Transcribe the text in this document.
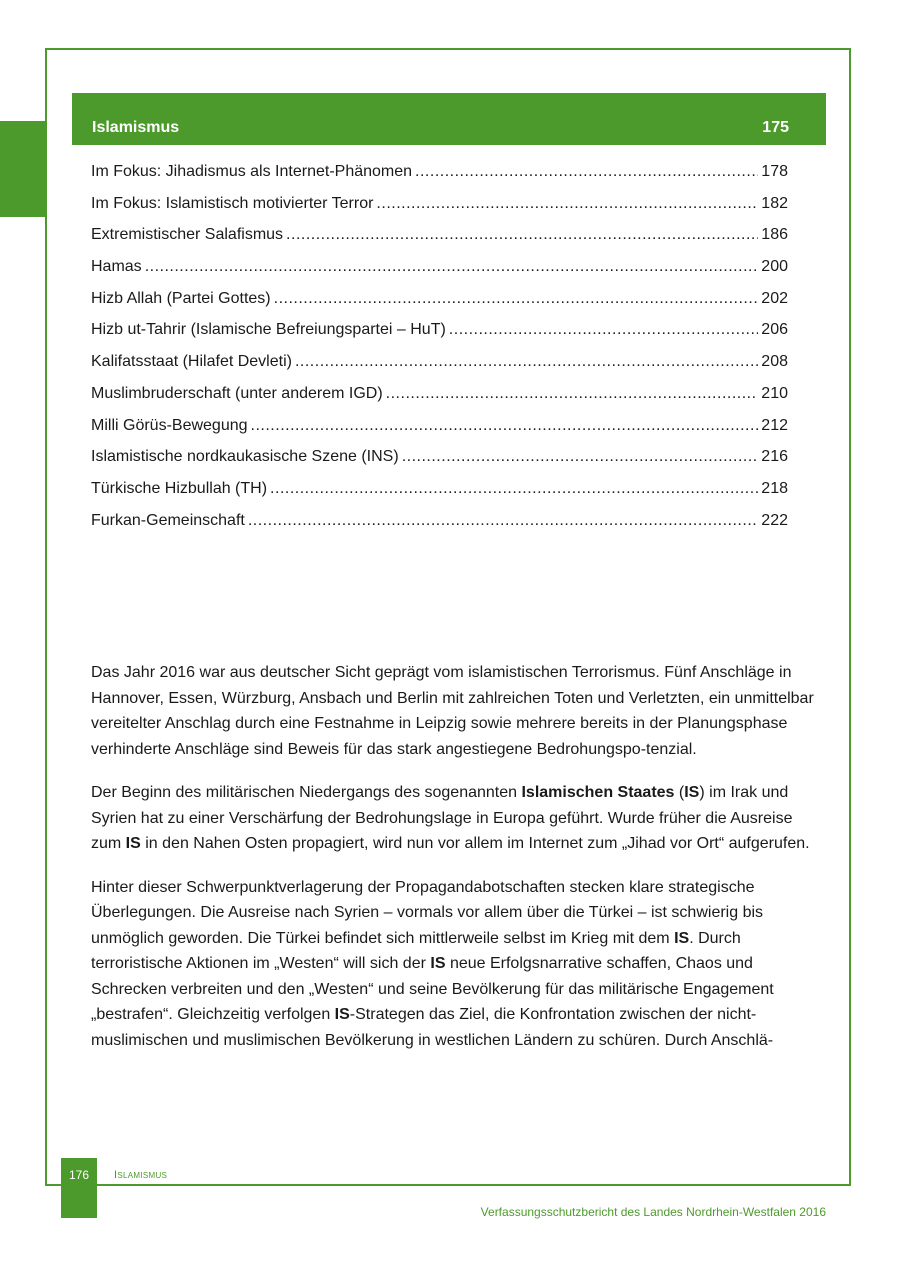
Islamismus	175
Im Fokus: Jihadismus als Internet-Phänomen .....	178
Im Fokus: Islamistisch motivierter Terror .....	182
Extremistischer Salafismus .....	186
Hamas .....	200
Hizb Allah (Partei Gottes) .....	202
Hizb ut-Tahrir (Islamische Befreiungspartei – HuT) .....	206
Kalifatsstaat (Hilafet Devleti) .....	208
Muslimbruderschaft (unter anderem IGD) .....	210
Milli Görüs-Bewegung .....	212
Islamistische nordkaukasische Szene (INS) .....	216
Türkische Hizbullah (TH) .....	218
Furkan-Gemeinschaft .....	222

Das Jahr 2016 war aus deutscher Sicht geprägt vom islamistischen Terrorismus. Fünf Anschläge in Hannover, Essen, Würzburg, Ansbach und Berlin mit zahlreichen Toten und Verletzten, ein unmittelbar vereitelter Anschlag durch eine Festnahme in Leipzig sowie mehrere bereits in der Planungsphase verhinderte Anschläge sind Beweis für das stark angestiegene Bedrohungspo-tenzial.

Der Beginn des militärischen Niedergangs des sogenannten Islamischen Staates (IS) im Irak und Syrien hat zu einer Verschärfung der Bedrohungslage in Europa geführt. Wurde früher die Ausreise zum IS in den Nahen Osten propagiert, wird nun vor allem im Internet zum „Jihad vor Ort“ aufgerufen.

Hinter dieser Schwerpunktverlagerung der Propagandabotschaften stecken klare strategische Überlegungen. Die Ausreise nach Syrien – vormals vor allem über die Türkei – ist schwierig bis unmöglich geworden. Die Türkei befindet sich mittlerweile selbst im Krieg mit dem IS. Durch terroristische Aktionen im „Westen“ will sich der IS neue Erfolgsnarrative schaffen, Chaos und Schrecken verbreiten und den „Westen“ und seine Bevölkerung für das militärische Engagement „bestrafen“. Gleichzeitig verfolgen IS-Strategen das Ziel, die Konfrontation zwischen der nicht-muslimischen und muslimischen Bevölkerung in westlichen Ländern zu schüren. Durch Anschlä-

176	Islamismus
Verfassungsschutzbericht des Landes Nordrhein-Westfalen 2016
